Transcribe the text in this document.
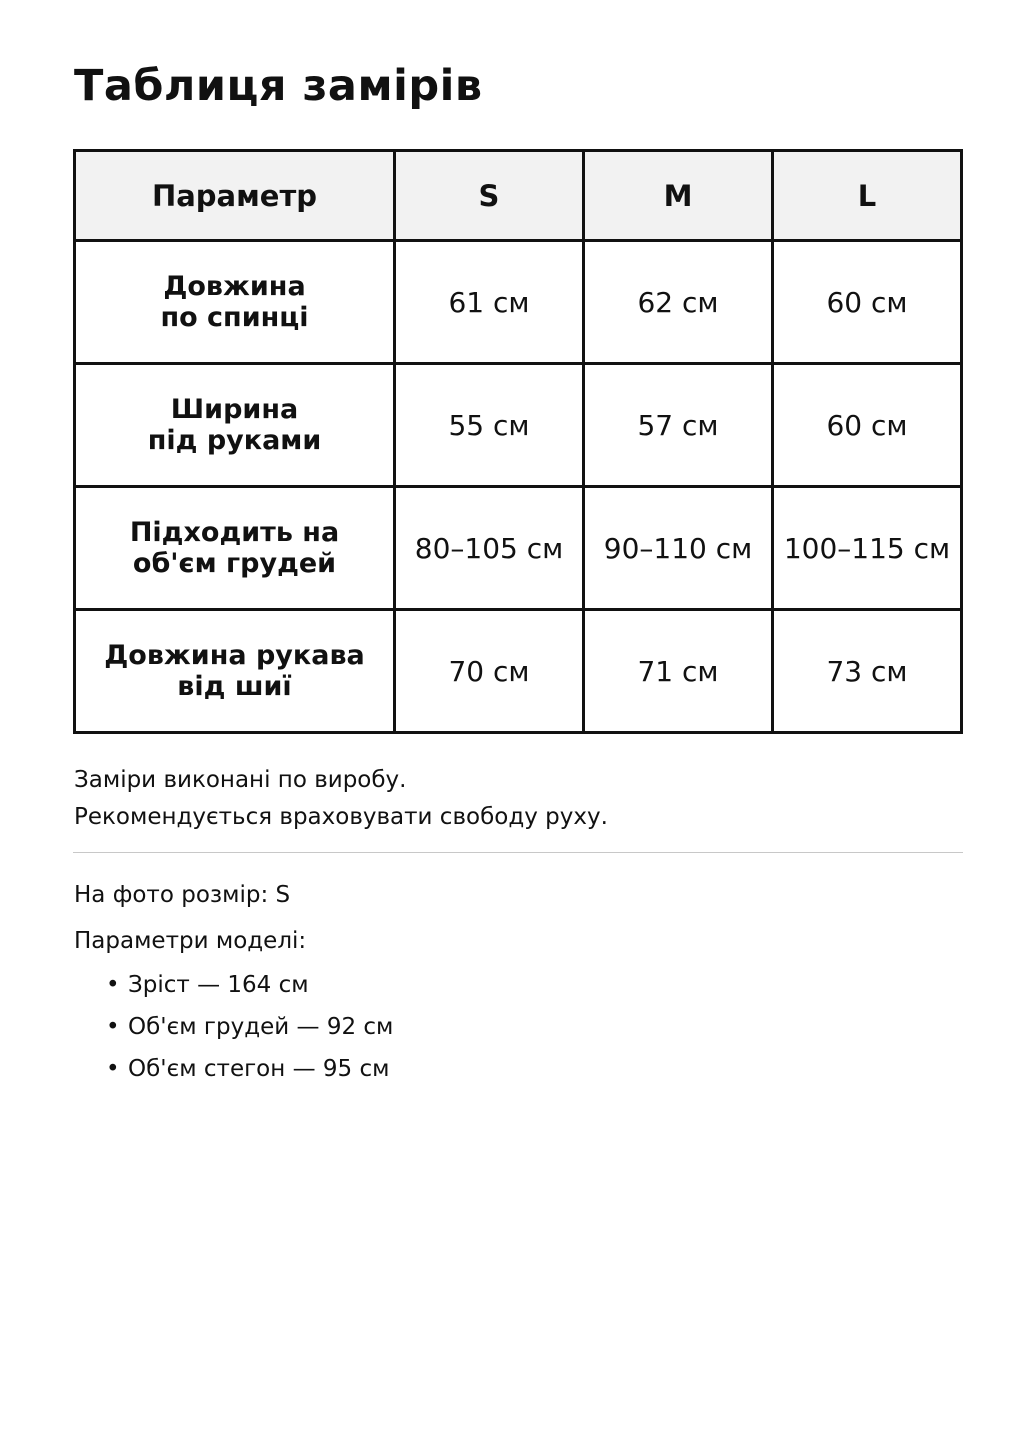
Таблиця замірів
Параметр	S	M	L

Довжина
по спинці	61 см	62 см	60 см

Ширина
під руками	55 см	57 см	60 см

Підходить на
об'єм грудей	80–105 см	90–110 см	100–115 см

Довжина рукава
від шиї	70 см	71 см	73 см

Заміри виконані по виробу.

Рекомендується враховувати свободу руху.

На фото розмір: S

Параметри моделі:

• Зріст — 164 см
• Об'єм грудей — 92 см
• Об'єм стегон — 95 см
